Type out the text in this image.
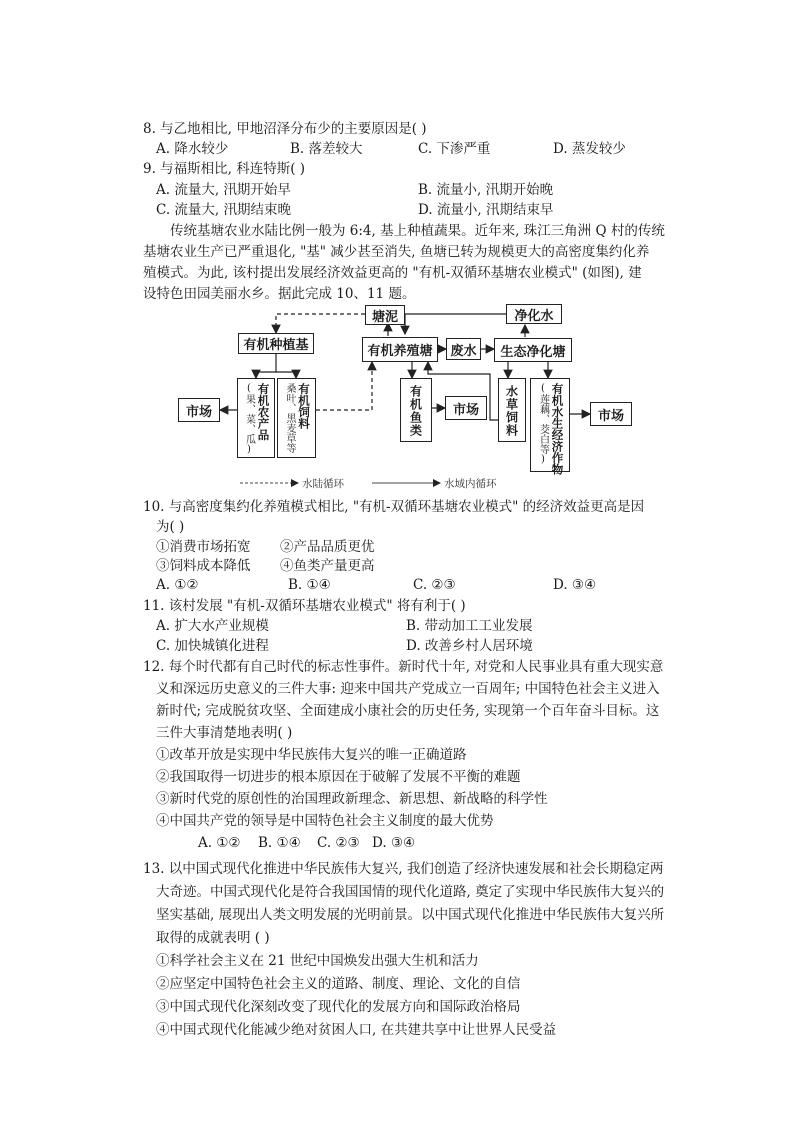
8. 与乙地相比, 甲地沼泽分布少的主要原因是( )
A. 降水较少	B. 落差较大	C. 下渗严重	D. 蒸发较少
9. 与福斯相比, 科连特斯( )
A. 流量大, 汛期开始早	B. 流量小, 汛期开始晚
C. 流量大, 汛期结束晚	D. 流量小, 汛期结束早
传统基塘农业水陆比例一般为 6:4, 基上种植蔬果。近年来, 珠江三角洲 Q 村的传统
基塘农业生产已严重退化, "基" 减少甚至消失, 鱼塘已转为规模更大的高密度集约化养
殖模式。为此, 该村提出发展经济效益更高的 "有机-双循环基塘农业模式" (如图), 建
设特色田园美丽水乡。据此完成 10、11 题。
塘泥	净化水
有机种植基	有机养殖塘	废水	生态净化塘
市场	有机农产品
(果、菜、瓜)	有机饲料
桑叶、黑麦草等	有机鱼类	市场	水草饲料	有机水生经济作物
(莲藕、茭白等)	市场
水陆循环	水域内循环
10. 与高密度集约化养殖模式相比, "有机-双循环基塘农业模式" 的经济效益更高是因
为( )
①消费市场拓宽 ②产品品质更优
③饲料成本降低 ④鱼类产量更高
A. ①②	B. ①④	C. ②③	D. ③④
11. 该村发展 "有机-双循环基塘农业模式" 将有利于( )
A. 扩大水产业规模	B. 带动加工工业发展
C. 加快城镇化进程	D. 改善乡村人居环境
12. 每个时代都有自己时代的标志性事件。新时代十年, 对党和人民事业具有重大现实意
义和深远历史意义的三件大事: 迎来中国共产党成立一百周年; 中国特色社会主义进入
新时代; 完成脱贫攻坚、全面建成小康社会的历史任务, 实现第一个百年奋斗目标。这
三件大事清楚地表明( )
①改革开放是实现中华民族伟大复兴的唯一正确道路
②我国取得一切进步的根本原因在于破解了发展不平衡的难题
③新时代党的原创性的治国理政新理念、新思想、新战略的科学性
④中国共产党的领导是中国特色社会主义制度的最大优势
A. ①② B. ①④ C. ②③ D. ③④
13. 以中国式现代化推进中华民族伟大复兴, 我们创造了经济快速发展和社会长期稳定两
大奇迹。中国式现代化是符合我国国情的现代化道路, 奠定了实现中华民族伟大复兴的
坚实基础, 展现出人类文明发展的光明前景。以中国式现代化推进中华民族伟大复兴所
取得的成就表明 ( )
①科学社会主义在 21 世纪中国焕发出强大生机和活力
②应坚定中国特色社会主义的道路、制度、理论、文化的自信
③中国式现代化深刻改变了现代化的发展方向和国际政治格局
④中国式现代化能减少绝对贫困人口, 在共建共享中让世界人民受益
